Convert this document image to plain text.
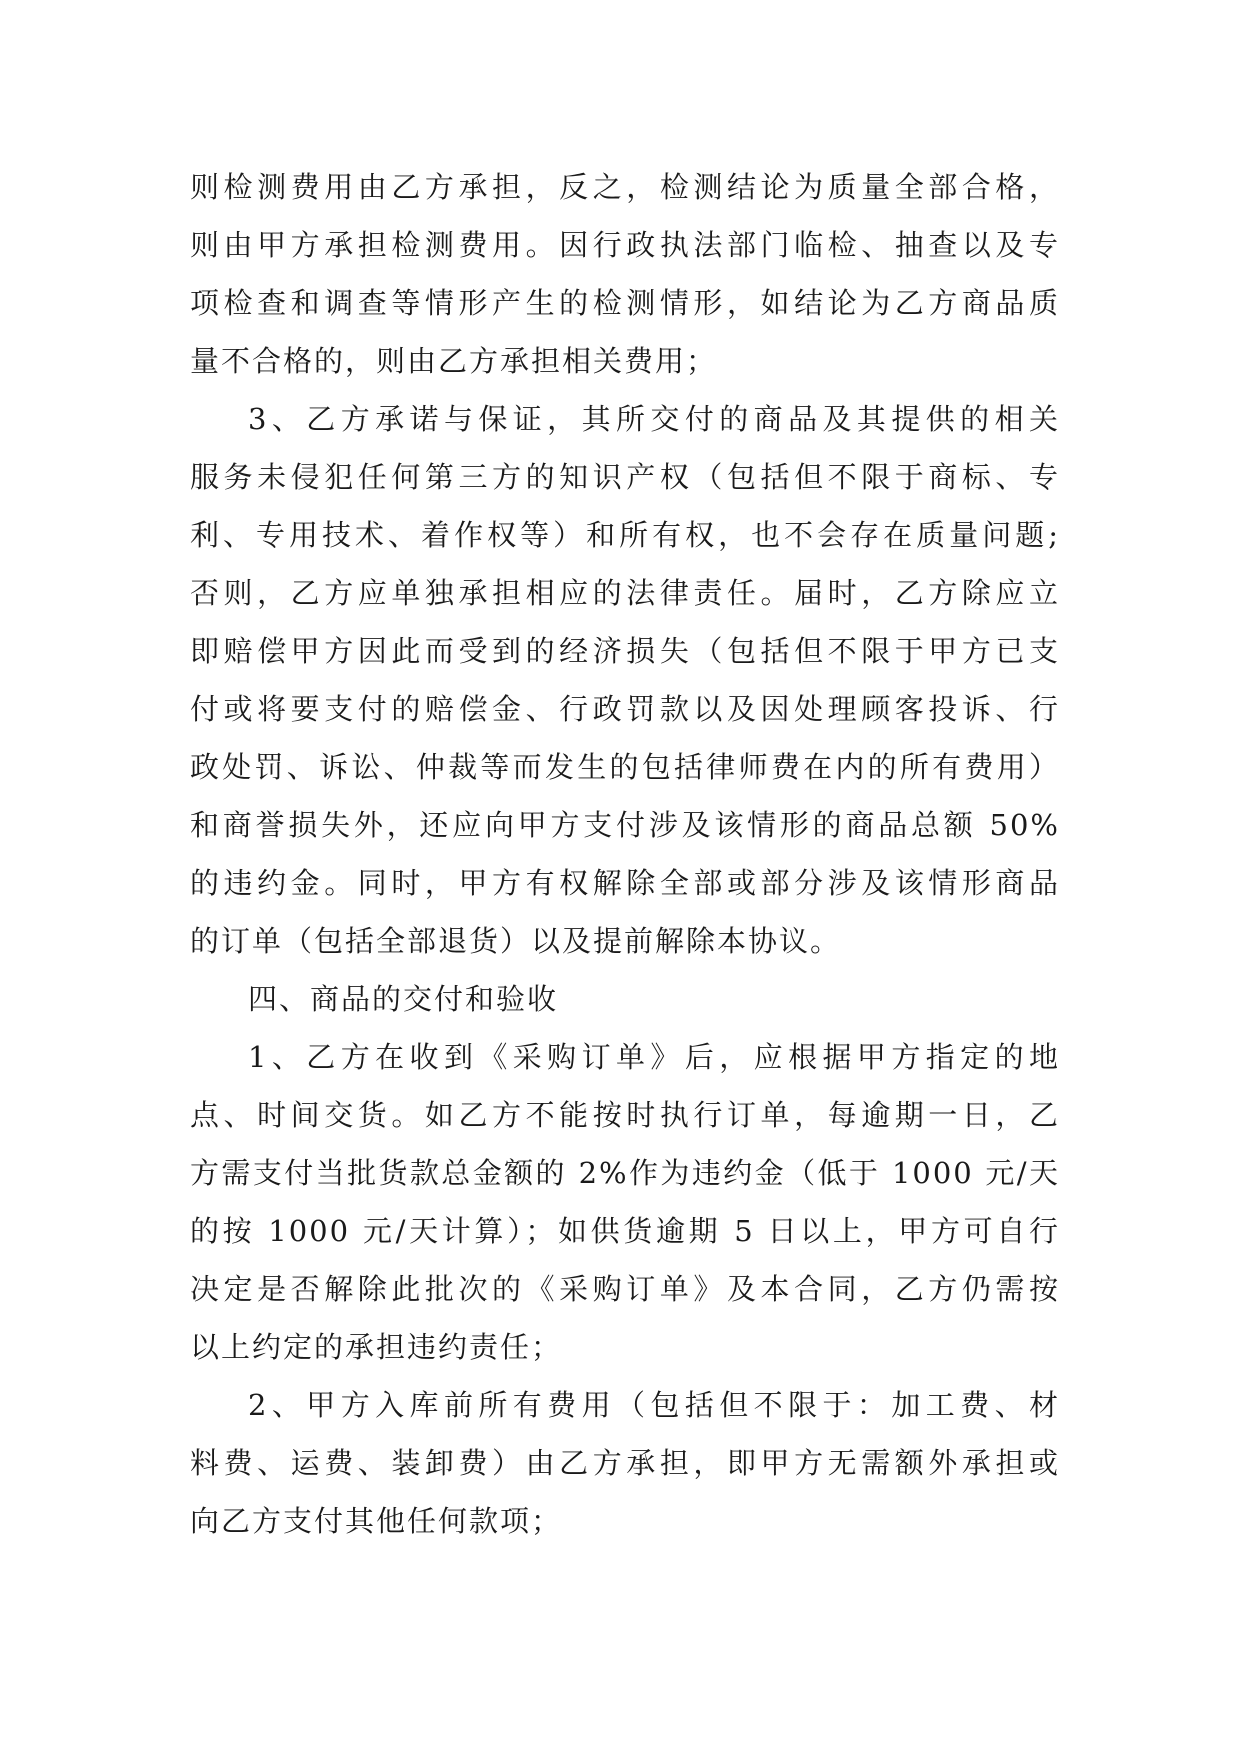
则检测费用由乙方承担，反之，检测结论为质量全部合格，
则由甲方承担检测费用。因行政执法部门临检、抽查以及专
项检查和调查等情形产生的检测情形，如结论为乙方商品质
量不合格的，则由乙方承担相关费用；
3、乙方承诺与保证，其所交付的商品及其提供的相关
服务未侵犯任何第三方的知识产权（包括但不限于商标、专
利、专用技术、着作权等）和所有权，也不会存在质量问题;
否则，乙方应单独承担相应的法律责任。届时，乙方除应立
即赔偿甲方因此而受到的经济损失（包括但不限于甲方已支
付或将要支付的赔偿金、行政罚款以及因处理顾客投诉、行
政处罚、诉讼、仲裁等而发生的包括律师费在内的所有费用）
和商誉损失外，还应向甲方支付涉及该情形的商品总额 50%
的违约金。同时，甲方有权解除全部或部分涉及该情形商品
的订单（包括全部退货）以及提前解除本协议。
四、商品的交付和验收
1、乙方在收到《采购订单》后，应根据甲方指定的地
点、时间交货。如乙方不能按时执行订单，每逾期一日，乙
方需支付当批货款总金额的 2%作为违约金（低于 1000 元/天
的按 1000 元/天计算）；如供货逾期 5 日以上，甲方可自行
决定是否解除此批次的《采购订单》及本合同，乙方仍需按
以上约定的承担违约责任；
2、甲方入库前所有费用（包括但不限于：加工费、材
料费、运费、装卸费）由乙方承担，即甲方无需额外承担或
向乙方支付其他任何款项；
